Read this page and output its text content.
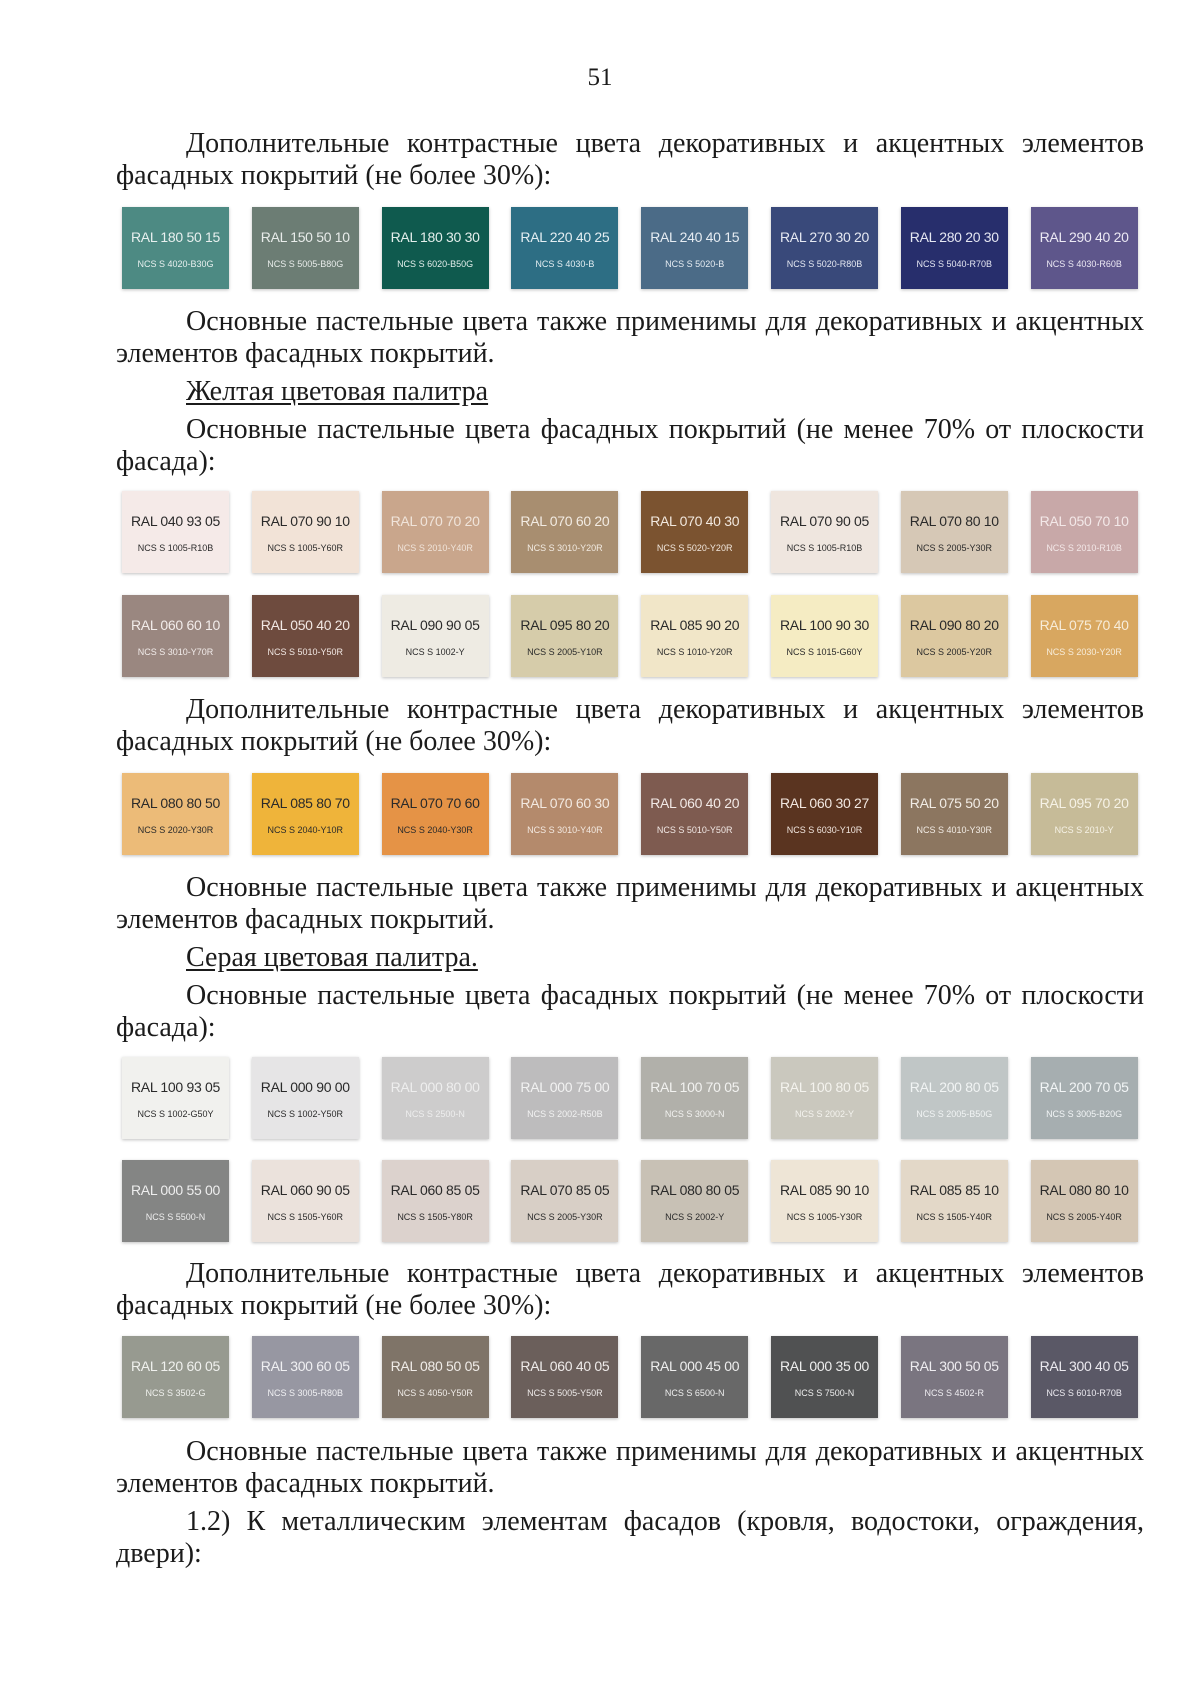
51
Дополнительные контрастные цвета декоративных и акцентных элементов фасадных покрытий (не более 30%):
Основные пастельные цвета также применимы для декоративных и акцентных элементов фасадных покрытий.
Основные пастельные цвета фасадных покрытий (не менее 70% от плоскости фасада):
Дополнительные контрастные цвета декоративных и акцентных элементов фасадных покрытий (не более 30%):
Основные пастельные цвета также применимы для декоративных и акцентных элементов фасадных покрытий.
Основные пастельные цвета фасадных покрытий (не менее 70% от плоскости фасада):
Дополнительные контрастные цвета декоративных и акцентных элементов фасадных покрытий (не более 30%):
Основные пастельные цвета также применимы для декоративных и акцентных элементов фасадных покрытий.
1.2) К металлическим элементам фасадов (кровля, водостоки, ограждения, двери):
Желтая цветовая палитра
Серая цветовая палитра.
RAL 180 50 15
NCS S 4020-B30G
RAL 150 50 10
NCS S 5005-B80G
RAL 180 30 30
NCS S 6020-B50G
RAL 220 40 25
NCS S 4030-B
RAL 240 40 15
NCS S 5020-B
RAL 270 30 20
NCS S 5020-R80B
RAL 280 20 30
NCS S 5040-R70B
RAL 290 40 20
NCS S 4030-R60B
RAL 040 93 05
NCS S 1005-R10B
RAL 070 90 10
NCS S 1005-Y60R
RAL 070 70 20
NCS S 2010-Y40R
RAL 070 60 20
NCS S 3010-Y20R
RAL 070 40 30
NCS S 5020-Y20R
RAL 070 90 05
NCS S 1005-R10B
RAL 070 80 10
NCS S 2005-Y30R
RAL 050 70 10
NCS S 2010-R10B
RAL 060 60 10
NCS S 3010-Y70R
RAL 050 40 20
NCS S 5010-Y50R
RAL 090 90 05
NCS S 1002-Y
RAL 095 80 20
NCS S 2005-Y10R
RAL 085 90 20
NCS S 1010-Y20R
RAL 100 90 30
NCS S 1015-G60Y
RAL 090 80 20
NCS S 2005-Y20R
RAL 075 70 40
NCS S 2030-Y20R
RAL 080 80 50
NCS S 2020-Y30R
RAL 085 80 70
NCS S 2040-Y10R
RAL 070 70 60
NCS S 2040-Y30R
RAL 070 60 30
NCS S 3010-Y40R
RAL 060 40 20
NCS S 5010-Y50R
RAL 060 30 27
NCS S 6030-Y10R
RAL 075 50 20
NCS S 4010-Y30R
RAL 095 70 20
NCS S 2010-Y
RAL 100 93 05
NCS S 1002-G50Y
RAL 000 90 00
NCS S 1002-Y50R
RAL 000 80 00
NCS S 2500-N
RAL 000 75 00
NCS S 2002-R50B
RAL 100 70 05
NCS S 3000-N
RAL 100 80 05
NCS S 2002-Y
RAL 200 80 05
NCS S 2005-B50G
RAL 200 70 05
NCS S 3005-B20G
RAL 000 55 00
NCS S 5500-N
RAL 060 90 05
NCS S 1505-Y60R
RAL 060 85 05
NCS S 1505-Y80R
RAL 070 85 05
NCS S 2005-Y30R
RAL 080 80 05
NCS S 2002-Y
RAL 085 90 10
NCS S 1005-Y30R
RAL 085 85 10
NCS S 1505-Y40R
RAL 080 80 10
NCS S 2005-Y40R
RAL 120 60 05
NCS S 3502-G
RAL 300 60 05
NCS S 3005-R80B
RAL 080 50 05
NCS S 4050-Y50R
RAL 060 40 05
NCS S 5005-Y50R
RAL 000 45 00
NCS S 6500-N
RAL 000 35 00
NCS S 7500-N
RAL 300 50 05
NCS S 4502-R
RAL 300 40 05
NCS S 6010-R70B
